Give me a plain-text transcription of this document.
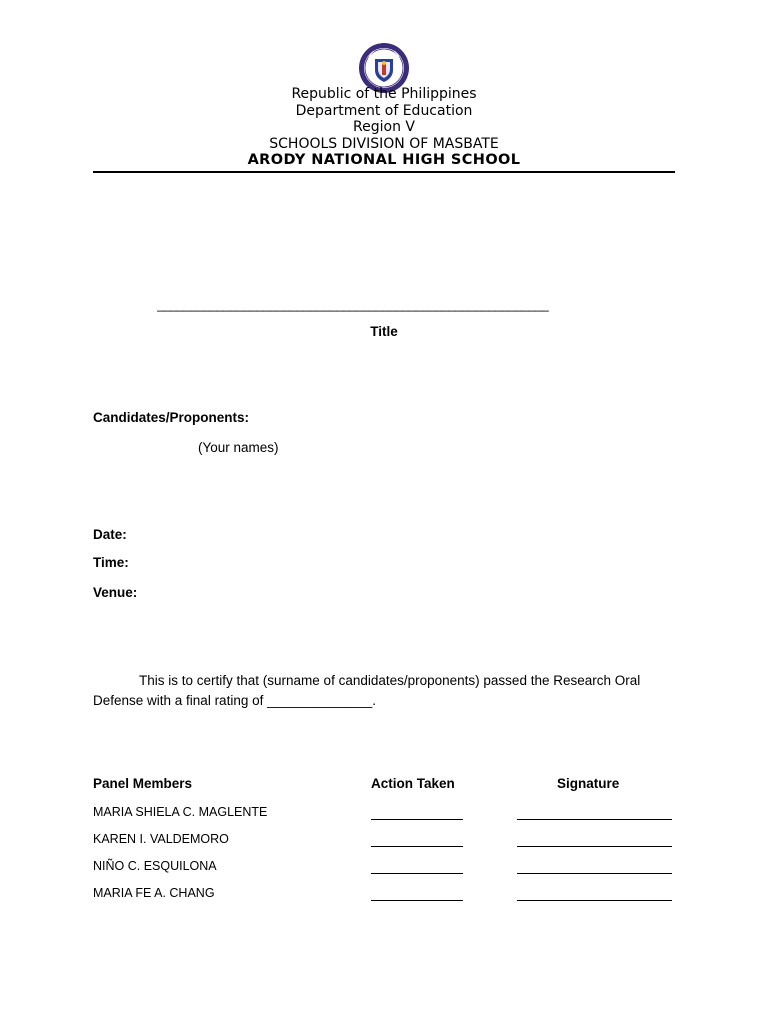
Republic of the Philippines
Department of Education
Region V
SCHOOLS DIVISION OF MASBATE
ARODY NATIONAL HIGH SCHOOL
___________________________________________________________
Title
Candidates/Proponents:
(Your names)
Date:
Time:
Venue:
This is to certify that (surname of candidates/proponents) passed the Research Oral Defense with a final rating of ______________.
Panel Members	Action Taken	Signature
MARIA SHIELA C. MAGLENTE
KAREN I. VALDEMORO
NIÑO C. ESQUILONA
MARIA FE A. CHANG
